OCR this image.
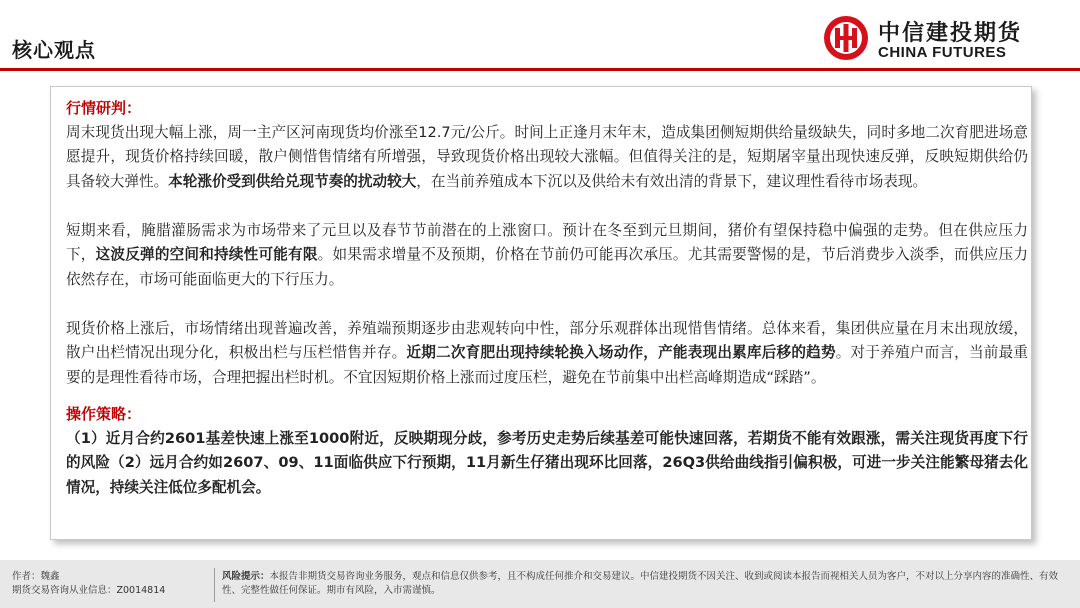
核心观点
中信建投期货
CHINA FUTURES
行情研判：

周末现货出现大幅上涨，周一主产区河南现货均价涨至12.7元/公斤。时间上正逢月末年末，造成集团侧短期供给量级缺失，同时多地二次育肥进场意愿提升，现货价格持续回暖，散户侧惜售情绪有所增强，导致现货价格出现较大涨幅。但值得关注的是，短期屠宰量出现快速反弹，反映短期供给仍具备较大弹性。本轮涨价受到供给兑现节奏的扰动较大，在当前养殖成本下沉以及供给未有效出清的背景下，建议理性看待市场表现。

短期来看，腌腊灌肠需求为市场带来了元旦以及春节节前潜在的上涨窗口。预计在冬至到元旦期间，猪价有望保持稳中偏强的走势。但在供应压力下，这波反弹的空间和持续性可能有限。如果需求增量不及预期，价格在节前仍可能再次承压。尤其需要警惕的是，节后消费步入淡季，而供应压力依然存在，市场可能面临更大的下行压力。

现货价格上涨后，市场情绪出现普遍改善，养殖端预期逐步由悲观转向中性，部分乐观群体出现惜售情绪。总体来看，集团供应量在月末出现放缓，散户出栏情况出现分化，积极出栏与压栏惜售并存。近期二次育肥出现持续轮换入场动作，产能表现出累库后移的趋势。对于养殖户而言，当前最重要的是理性看待市场，合理把握出栏时机。不宜因短期价格上涨而过度压栏，避免在节前集中出栏高峰期造成“踩踏”。

操作策略：

（1）近月合约2601基差快速上涨至1000附近，反映期现分歧，参考历史走势后续基差可能快速回落，若期货不能有效跟涨，需关注现货再度下行的风险（2）远月合约如2607、09、11面临供应下行预期，11月新生仔猪出现环比回落，26Q3供给曲线指引偏积极，可进一步关注能繁母猪去化情况，持续关注低位多配机会。

作者：魏鑫
期货交易咨询从业信息：Z0014814
风险提示：本报告非期货交易咨询业务服务，观点和信息仅供参考，且不构成任何推介和交易建议。中信建投期货不因关注、收到或阅读本报告而视相关人员为客户，不对以上分享内容的准确性、有效性、完整性做任何保证。期市有风险，入市需谨慎。
